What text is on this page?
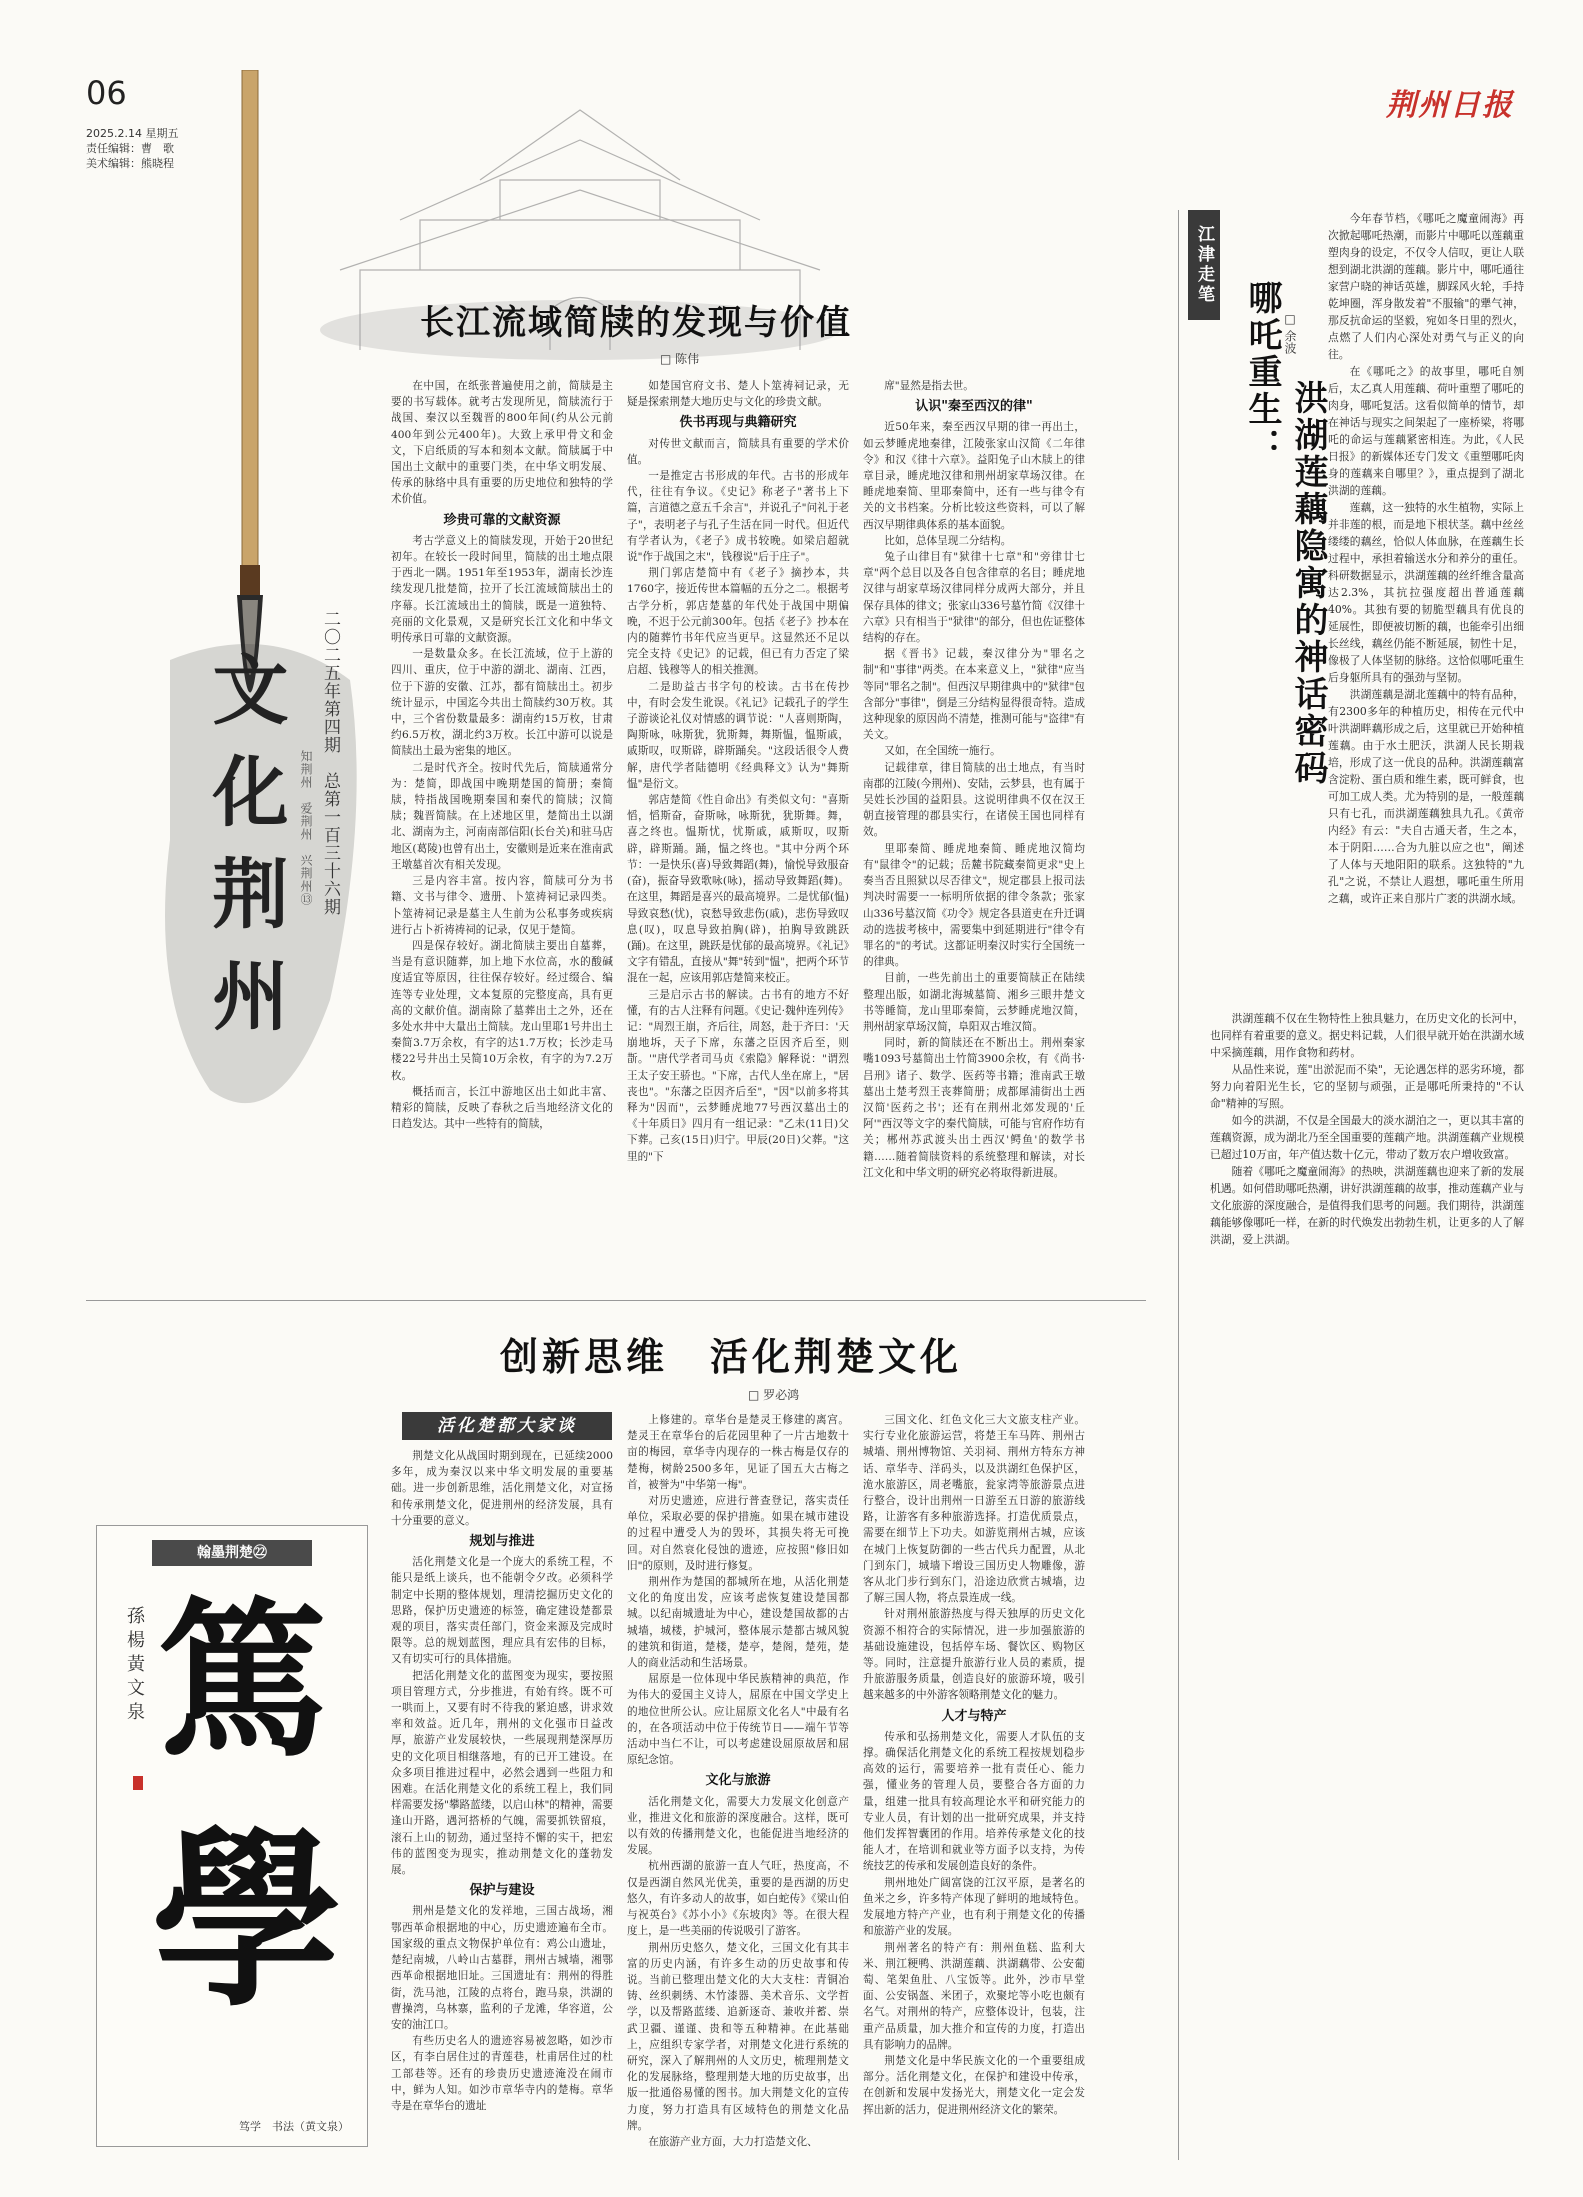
06
2025.2.14 星期五
责任编辑：曹　歌
美术编辑：熊晓程
荆州日报
文化荆州	二〇二五年第四期　总第一百三十六期
知荆州　爱荆州　兴荆州⑬
长江流域简牍的发现与价值
□ 陈伟

在中国，在纸张普遍使用之前，简牍是主要的书写载体。就考古发现所见，简牍流行于战国、秦汉以至魏晋的800年间(约从公元前400年到公元400年)。大致上承甲骨文和金文，下启纸质的写本和刻本文献。简牍属于中国出土文献中的重要门类，在中华文明发展、传承的脉络中具有重要的历史地位和独特的学术价值。

珍贵可靠的文献资源

考古学意义上的简牍发现，开始于20世纪初年。在较长一段时间里，简牍的出土地点限于西北一隅。1951年至1953年，湖南长沙连续发现几批楚简，拉开了长江流域简牍出土的序幕。长江流域出土的简牍，既是一道独特、亮丽的文化景观，又是研究长江文化和中华文明传承日可靠的文献资源。

一是数量众多。在长江流域，位于上游的四川、重庆，位于中游的湖北、湖南、江西，位于下游的安徽、江苏，都有简牍出土。初步统计显示，中国迄今共出土简牍约30万枚。其中，三个省份数量最多：湖南约15万枚，甘肃约6.5万枚，湖北约3万枚。长江中游可以说是简牍出土最为密集的地区。

二是时代齐全。按时代先后，简牍通常分为：楚简，即战国中晚期楚国的简册；秦简牍，特指战国晚期秦国和秦代的简牍；汉简牍；魏晋简牍。在上述地区里，楚简出土以湖北、湖南为主，河南南部信阳(长台关)和驻马店地区(葛陵)也曾有出土，安徽则是近来在淮南武王墩墓首次有相关发现。

三是内容丰富。按内容，简牍可分为书籍、文书与律令、遗册、卜筮祷祠记录四类。卜筮祷祠记录是墓主人生前为公私事务或疾病进行占卜祈祷祷祠的记录，仅见于楚简。

四是保存较好。湖北简牍主要出自墓葬，当是有意识随葬，加上地下水位高，水的酸碱度适宜等原因，往往保存较好。经过缀合、编连等专业处理，文本复原的完整度高，具有更高的文献价值。湖南除了墓葬出土之外，还在多处水井中大量出土简牍。龙山里耶1号井出土秦简3.7万余枚，有字的达1.7万枚；长沙走马楼22号井出土吴简10万余枚，有字的为7.2万枚。

概括而言，长江中游地区出土如此丰富、精彩的简牍，反映了春秋之后当地经济文化的日趋发达。其中一些特有的简牍，

如楚国官府文书、楚人卜筮祷祠记录，无疑是探索荆楚大地历史与文化的珍贵文献。

佚书再现与典籍研究

对传世文献而言，简牍具有重要的学术价值。

一是推定古书形成的年代。古书的形成年代，往往有争议。《史记》称老子"著书上下篇，言道德之意五千余言"，并说孔子"问礼于老子"，表明老子与孔子生活在同一时代。但近代有学者认为，《老子》成书较晚。如梁启超就说"作于战国之末"，钱穆说"后于庄子"。

荆门郭店楚简中有《老子》摘抄本，共1760字，接近传世本篇幅的五分之二。根据考古学分析，郭店楚墓的年代处于战国中期偏晚，不迟于公元前300年。包括《老子》抄本在内的随葬竹书年代应当更早。这显然还不足以完全支持《史记》的记载，但已有力否定了梁启超、钱穆等人的相关推测。

二是助益古书字句的校读。古书在传抄中，有时会发生讹误。《礼记》记载孔子的学生子游谈论礼仪对情感的调节说："人喜则斯陶，陶斯咏，咏斯犹，犹斯舞，舞斯愠，愠斯戚，戚斯叹，叹斯辟，辟斯踊矣。"这段话很令人费解，唐代学者陆德明《经典释文》认为"舞斯愠"是衍文。

郭店楚简《性自命出》有类似文句："喜斯慆，慆斯奋，奋斯咏，咏斯犹，犹斯舞。舞，喜之终也。愠斯忧，忧斯戚，戚斯叹，叹斯辟，辟斯踊。踊，愠之终也。"其中分两个环节：一是快乐(喜)导致舞蹈(舞)，愉悦导致服奋(奋)，振奋导致歌咏(咏)，摇动导致舞蹈(舞)。在这里，舞蹈是喜兴的最高境界。二是忧郁(愠)导致哀愁(忧)，哀愁导致悲伤(戚)，悲伤导致叹息(叹)，叹息导致拍胸(辟)，拍胸导致跳跃(踊)。在这里，跳跃是忧郁的最高境界。《礼记》文字有错乱，直接从"舞"转到"愠"，把两个环节混在一起，应该用郭店楚简来校正。

三是启示古书的解读。古书有的地方不好懂，有的古人注释有问题。《史记·魏仲连列传》记："周烈王崩，齐后往，周怒，赴于齐曰：'天崩地坼，天子下席，东藩之臣因齐后至，则斮。'"唐代学者司马贞《索隐》解释说："谓烈王太子安王骄也。"下席，古代人坐在席上，"居丧也"。"东藩之臣因齐后至"，"因"以前多将其释为"因而"，云梦睡虎地77号西汉墓出土的《十年质日》四月有一组记录："乙未(11日)父下葬。己亥(15日)归宁。甲辰(20日)父葬。"这里的"下

席"显然是指去世。

认识"秦至西汉的律"

近50年来，秦至西汉早期的律一再出土，如云梦睡虎地秦律，江陵张家山汉简《二年律令》和汉《律十六章》。益阳兔子山木牍上的律章目录，睡虎地汉律和荆州胡家草场汉律。在睡虎地秦简、里耶秦简中，还有一些与律令有关的文书档案。分析比较这些资料，可以了解西汉早期律典体系的基本面貌。

比如，总体呈现二分结构。

兔子山律目有"狱律十七章"和"旁律廿七章"两个总目以及各自包含律章的名目；睡虎地汉律与胡家草场汉律同样分成两大部分，并且保存具体的律文；张家山336号墓竹简《汉律十六章》只有相当于"狱律"的部分，但也佐证整体结构的存在。

据《晋书》记载，秦汉律分为"罪名之制"和"事律"两类。在本来意义上，"狱律"应当等同"罪名之制"。但西汉早期律典中的"狱律"包含部分"事律"，倒是三分结构显得很奇特。造成这种现象的原因尚不清楚，推测可能与"盗律"有关文。

又如，在全国统一施行。

记载律章，律目简牍的出土地点，有当时南郡的江陵(今荆州)、安陆，云梦县，也有属于吴姓长沙国的益阳县。这说明律典不仅在汉王朝直接管理的郡县实行，在诸侯王国也同样有效。

里耶秦简、睡虎地秦简、睡虎地汉简均有"鼠律令"的记载；岳麓书院藏秦简更求"史上奏当否且照狱以尽否律文"，规定郡县上报司法判决时需要一一标明所依据的律令条款；张家山336号墓汉简《功令》规定各县道吏在升迁调动的选拔考核中，需要集中到延期进行"律令有罪名的"的考试。这都证明秦汉时实行全国统一的律典。

目前，一些先前出土的重要简牍正在陆续整理出版，如湖北海城墓简、湘乡三眼井楚文书等睡简，龙山里耶秦简，云梦睡虎地汉简，荆州胡家草场汉简，阜阳双古堆汉简。

同时，新的简牍还在不断出土。荆州秦家嘴1093号墓简出土竹简3900余枚，有《尚书·吕刑》诸子、数学、医药等书籍；淮南武王墩墓出土楚考烈王丧葬简册；成都犀浦街出土西汉简'医药之书'；还有在荆州北郊发现的'丘阿'"西汉等文字的秦代简牍，可能与官府作坊有关；郴州苏武渡头出土西汉'鳄鱼'的数学书籍……随着简牍资料的系统整理和解读，对长江文化和中华文明的研究必将取得新进展。

创新思维　活化荆楚文化
□ 罗必鸿
活化楚都大家谈

荆楚文化从战国时期到现在，已延续2000多年，成为秦汉以来中华文明发展的重要基础。进一步创新思维，活化荆楚文化，对宣扬和传承荆楚文化，促进荆州的经济发展，具有十分重要的意义。

规划与推进

活化荆楚文化是一个庞大的系统工程，不能只是纸上谈兵，也不能朝令夕改。必须科学制定中长期的整体规划，理清挖掘历史文化的思路，保护历史遗迹的标签，确定建设楚都景观的项目，落实责任部门，资金来源及完成时限等。总的规划蓝图，理应具有宏伟的目标，又有切实可行的具体措施。

把活化荆楚文化的蓝图变为现实，要按照项目管理方式，分步推进，有始有终。既不可一哄而上，又要有时不待我的紧迫感，讲求效率和效益。近几年，荆州的文化强市日益改厚，旅游产业发展较快，一些展现荆楚深厚历史的文化项目相继落地，有的已开工建设。在众多项目推进过程中，必然会遇到一些阻力和困难。在活化荆楚文化的系统工程上，我们同样需要发扬"攀路蓝缕，以启山林"的精神，需要逢山开路，遇河搭桥的气魄，需要抓铁留痕，滚石上山的韧劲，通过坚持不懈的实干，把宏伟的蓝图变为现实，推动荆楚文化的蓬勃发展。

保护与建设

荆州是楚文化的发祥地，三国古战场，湘鄂西革命根据地的中心，历史遗迹遍布全市。国家级的重点文物保护单位有：鸡公山遗址，楚纪南城，八岭山古墓群，荆州古城墙，湘鄂西革命根据地旧址。三国遗址有：荆州的得胜街，洗马池，江陵的点将台，跑马泉，洪湖的曹操湾，乌林寨，监利的子龙滩，华容道，公安的油江口。

有些历史名人的遗迹容易被忽略，如沙市区，有李白居住过的青莲巷，杜甫居住过的杜工部巷等。还有的珍贵历史遗迹淹没在闹市中，鲜为人知。如沙市章华寺内的楚梅。章华寺是在章华台的遗址

上修建的。章华台是楚灵王修建的离宫。楚灵王在章华台的后花园里种了一片古地数十亩的梅园，章华寺内现存的一株古梅是仅存的楚梅，树龄2500多年，见证了国五大古梅之首，被誉为"中华第一梅"。

对历史遗迹，应进行普查登记，落实责任单位，采取必要的保护措施。如果在城市建设的过程中遭受人为的毁坏，其损失将无可挽回。对自然衰化侵蚀的遗迹，应按照"修旧如旧"的原则，及时进行修复。

荆州作为楚国的都城所在地，从活化荆楚文化的角度出发，应该考虑恢复建设楚国都城。以纪南城遗址为中心，建设楚国故都的古城墙，城楼，护城河，整体展示楚都古城风貌的建筑和街道，楚楼，楚亭，楚阁，楚苑，楚人的商业活动和生活场景。

屈原是一位体现中华民族精神的典范，作为伟大的爱国主义诗人，屈原在中国文学史上的地位世所公认。应让屈原文化名人"中最有名的，在各项活动中位于传统节日——端午节等活动中当仁不让，可以考虑建设屈原故居和屈原纪念馆。

文化与旅游

活化荆楚文化，需要大力发展文化创意产业，推进文化和旅游的深度融合。这样，既可以有效的传播荆楚文化，也能促进当地经济的发展。

杭州西湖的旅游一直人气旺，热度高，不仅是西湖自然风光优美，重要的是西湖的历史悠久，有许多动人的故事，如白蛇传》《梁山伯与祝英台》《苏小小》《东坡肉》等。在很大程度上，是一些美丽的传说吸引了游客。

荆州历史悠久，楚文化，三国文化有其丰富的历史内涵，有许多生动的历史故事和传说。当前已整理出楚文化的大大支柱：青铜冶铸、丝织刺绣、木竹漆器、美术音乐、文学哲学，以及帮路蓝缕、追新逐奇、兼收并蓄、崇武卫疆、谨谨、贵和等五种精神。在此基础上，应组织专家学者，对荆楚文化进行系统的研究，深入了解荆州的人文历史，梳理荆楚文化的发展脉络，整理荆楚大地的历史故事，出版一批通俗易懂的图书。加大荆楚文化的宣传力度，努力打造具有区域特色的荆楚文化品牌。

在旅游产业方面，大力打造楚文化、

三国文化、红色文化三大文旅支柱产业。实行专业化旅游运营，将楚王车马阵、荆州古城墙、荆州博物馆、关羽祠、荆州方特东方神话、章华寺、洋码头，以及洪湖红色保护区，洈水旅游区，周老嘴旅，瓮家湾等旅游景点进行整合，设计出荆州一日游至五日游的旅游线路，让游客有多种旅游选择。打造优质景点，需要在细节上下功夫。如游览荆州古城，应该在城门上恢复防御的一些古代兵力配置，从北门到东门，城墙下增设三国历史人物雕像，游客从北门步行到东门，沿途边欣赏古城墙，边了解三国人物，将点景连成一线。

针对荆州旅游热度与得天独厚的历史文化资源不相符合的实际情况，进一步加强旅游的基础设施建设，包括停车场、餐饮区、购物区等。同时，注意提升旅游行业人员的素质，提升旅游服务质量，创造良好的旅游环境，吸引越来越多的中外游客领略荆楚文化的魅力。

人才与特产

传承和弘扬荆楚文化，需要人才队伍的支撑。确保活化荆楚文化的系统工程按规划稳步高效的运行，需要培养一批有责任心、能力强，懂业务的管理人员，要整合各方面的力量，组建一批具有较高理论水平和研究能力的专业人员，有计划的出一批研究成果，并支持他们发挥智囊团的作用。培养传承楚文化的技能人才，在培训和就业等方面予以支持，为传统技艺的传承和发展创造良好的条件。

荆州地处广阔富饶的江汉平原，是著名的鱼米之乡，许多特产体现了鲜明的地域特色。发展地方特产产业，也有利于荆楚文化的传播和旅游产业的发展。

荆州著名的特产有：荆州鱼糕、监利大米、荆江粳鸭、洪湖莲藕、洪湖藕带、公安葡萄、笔架鱼肚、八宝饭等。此外，沙市早堂面、公安锅盔、米团子，欢聚坨等小吃也颇有名气。对荆州的特产，应整体设计，包装，注重产品质量，加大推介和宣传的力度，打造出具有影响力的品牌。

荆楚文化是中华民族文化的一个重要组成部分。活化荆楚文化，在保护和建设中传承，在创新和发展中发扬光大，荆楚文化一定会发挥出新的活力，促进荆州经济文化的繁荣。

翰墨荆楚㉒
篤
學
孫楊黃文泉
笃学　书法（黄文泉）
江津走笔
哪吒重生：
洪湖莲藕隐寓的神话密码
□ 余波

今年春节档，《哪吒之魔童闹海》再次掀起哪吒热潮，而影片中哪吒以莲藕重塑肉身的设定，不仅令人信叹，更让人联想到湖北洪湖的莲藕。影片中，哪吒通往家营户晓的神话英雄，脚踩风火轮，手持乾坤圈，浑身散发着"不服输"的犟气神，那反抗命运的坚毅，宛如冬日里的烈火，点燃了人们内心深处对勇气与正义的向往。

在《哪吒之》的故事里，哪吒自刎后，太乙真人用莲藕、荷叶重塑了哪吒的肉身，哪吒复活。这看似简单的情节，却在神话与现实之间架起了一座桥梁，将哪吒的命运与莲藕紧密相连。为此，《人民日报》的新媒体还专门发文《重塑哪吒肉身的莲藕来自哪里？》，重点提到了湖北洪湖的莲藕。

莲藕，这一独特的水生植物，实际上并非莲的根，而是地下根状茎。藕中丝丝缕缕的藕丝，恰似人体血脉，在莲藕生长过程中，承担着输送水分和养分的重任。科研数据显示，洪湖莲藕的丝纤维含量高达2.3%，其抗拉强度超出普通莲藕40%。其独有要的韧脆型藕具有优良的延展性，即便被切断的藕，也能牵引出细长丝线，藕丝仍能不断延展，韧性十足，像极了人体坚韧的脉络。这恰似哪吒重生后身躯所具有的强劲与坚韧。

洪湖莲藕是湖北莲藕中的特有品种，有2300多年的种植历史，相传在元代中叶洪湖畔藕形成之后，这里就已开始种植莲藕。由于水土肥沃，洪湖人民长期栽培，形成了这一优良的品种。洪湖莲藕富含淀粉、蛋白质和维生素，既可鲜食，也可加工成人类。尤为特别的是，一般莲藕只有七孔，而洪湖莲藕独具九孔。《黄帝内经》有云："夫自古通天者，生之本，本于阴阳……合为九脏以应之也"，阐述了人体与天地阳阳的联系。这独特的"九孔"之说，不禁让人遐想，哪吒重生所用之藕，或许正来自那片广袤的洪湖水域。

洪湖莲藕不仅在生物特性上独具魅力，在历史文化的长河中，也同样有着重要的意义。据史料记载，人们很早就开始在洪湖水域中采摘莲藕，用作食物和药材。

从品性来说，莲"出淤泥而不染"，无论遇怎样的恶劣环境，都努力向着阳光生长，它的坚韧与顽强，正是哪吒所秉持的"不认命"精神的写照。

如今的洪湖，不仅是全国最大的淡水湖泊之一，更以其丰富的莲藕资源，成为湖北乃至全国重要的莲藕产地。洪湖莲藕产业规模已超过10万亩，年产值达数十亿元，带动了数万农户增收致富。

随着《哪吒之魔童闹海》的热映，洪湖莲藕也迎来了新的发展机遇。如何借助哪吒热潮，讲好洪湖莲藕的故事，推动莲藕产业与文化旅游的深度融合，是值得我们思考的问题。我们期待，洪湖莲藕能够像哪吒一样，在新的时代焕发出勃勃生机，让更多的人了解洪湖，爱上洪湖。
